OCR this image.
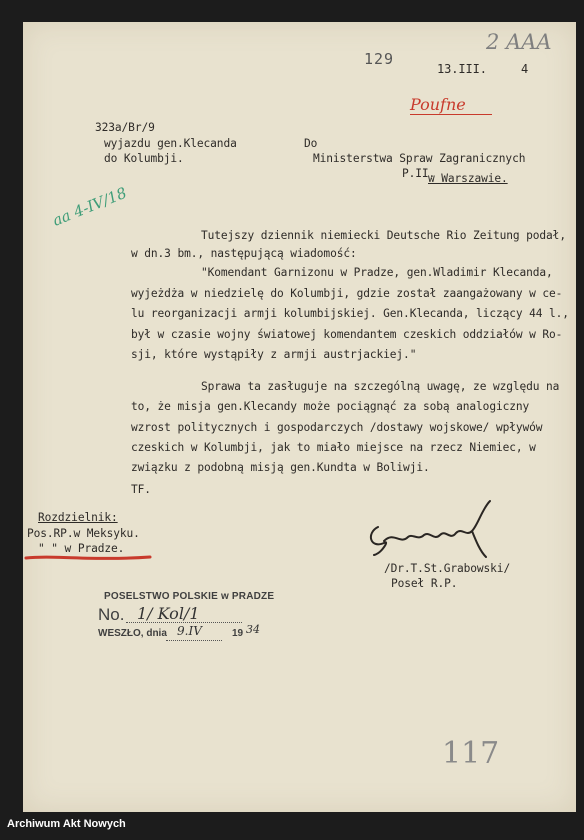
129
13.III.	4
2 AAA
Poufne
323a/Br/9
wyjazdu gen.Klecanda
do Kolumbji.
Do
Ministerstwa Spraw Zagranicznych
P.II.
w Warszawie.
aa 4-IV/18
Tutejszy dziennik niemiecki Deutsche Rio Zeitung podał,
w dn.3 bm., następującą wiadomość:
"Komendant Garnizonu w Pradze, gen.Wladimir Klecanda,
wyjeżdża w niedzielę do Kolumbji, gdzie został zaangażowany w ce-
lu reorganizacji armji kolumbijskiej. Gen.Klecanda, liczący 44 l.,
był w czasie wojny światowej komendantem czeskich oddziałów w Ro-
sji, które wystąpiły z armji austrjackiej."
Sprawa ta zasługuje na szczególną uwagę, ze względu na
to, że misja gen.Klecandy może pociągnąć za sobą analogiczny
wzrost politycznych i gospodarczych /dostawy wojskowe/ wpływów
czeskich w Kolumbji, jak to miało miejsce na rzecz Niemiec, w
związku z podobną misją gen.Kundta w Boliwji.
TF.
Rozdzielnik:
Pos.RP.w Meksyku.
" " w Pradze.
/Dr.T.St.Grabowski/
Poseł R.P.
POSELSTWO POLSKIE w PRADZE
No. 1/ Kol/1
WESZŁO, dnia 9.IV	19 34
117
Archiwum Akt Nowych
